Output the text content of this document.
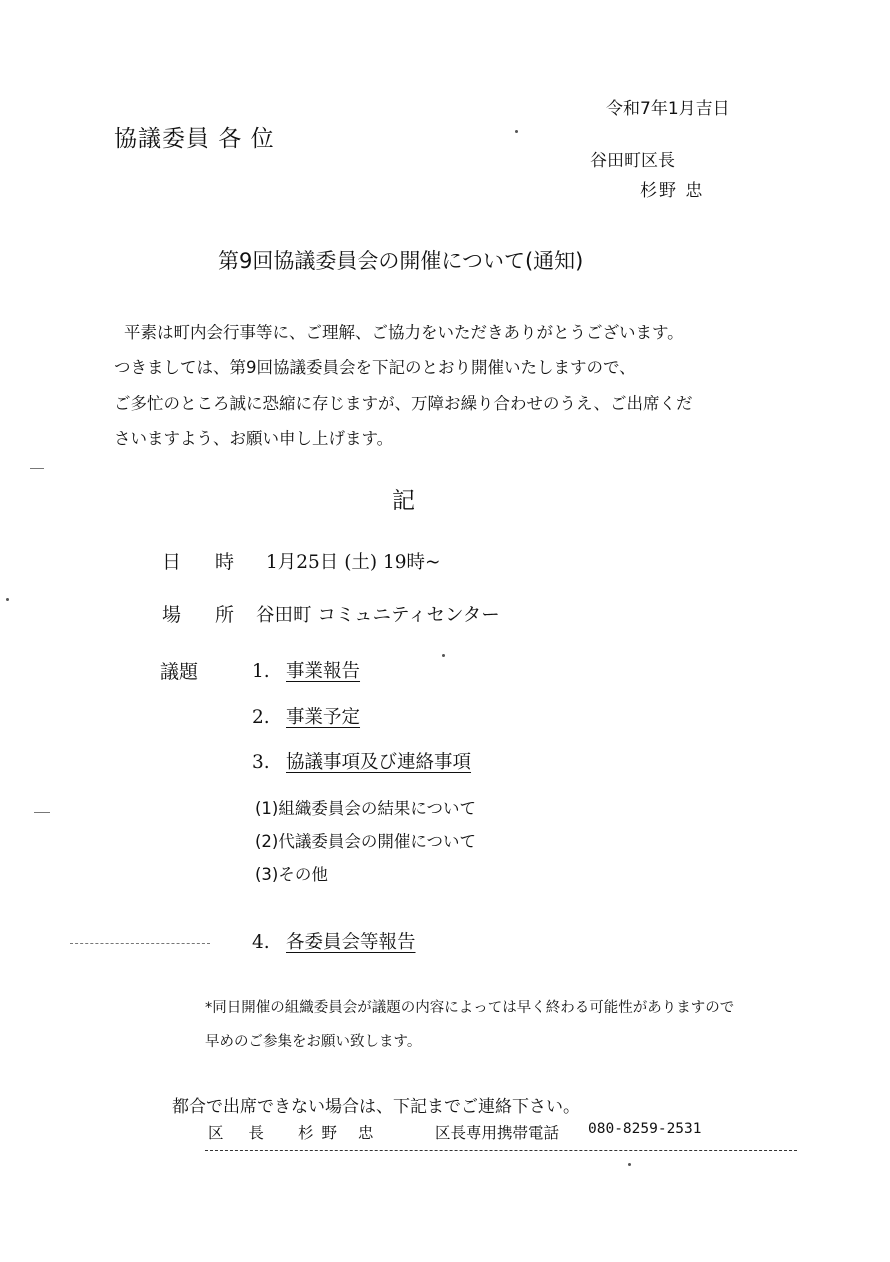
令和7年1月吉日
協議委員 各 位
谷田町区長
杉野 忠
第9回協議委員会の開催について(通知)
平素は町内会行事等に、ご理解、ご協力をいただきありがとうございます。
つきましては、第9回協議委員会を下記のとおり開催いたしますので、
ご多忙のところ誠に恐縮に存じますが、万障お繰り合わせのうえ、ご出席くだ
さいますよう、お願い申し上げます。
記
日 時 1月25日 (土) 19時~
場 所 谷田町 コミュニティセンター
議題	1. 事業報告
2. 事業予定
3. 協議事項及び連絡事項
(1)組織委員会の結果について
(2)代議委員会の開催について
(3)その他
4. 各委員会等報告
*同日開催の組織委員会が議題の内容によっては早く終わる可能性がありますので
早めのご参集をお願い致します。
都合で出席できない場合は、下記までご連絡下さい。
区 長 杉野 忠	区長専用携帯電話 080-8259-2531
